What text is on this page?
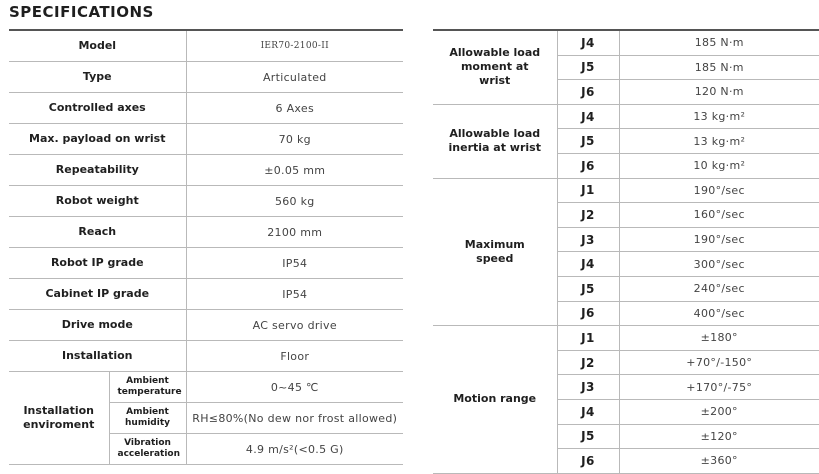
SPECIFICATIONS
Model		IER70-2100-II
Type		Articulated
Controlled axes		6 Axes
Max. payload on wrist		70 kg
Repeatability		±0.05 mm
Robot weight		560 kg
Reach		2100 mm
Robot IP grade		IP54
Cabinet IP grade		IP54
Drive mode		AC servo drive
Installation		Floor
Installation enviroment	Ambient temperature	0~45 ℃
	Ambient humidity	RH≤80%(No dew nor frost allowed)
	Vibration acceleration	4.9 m/s²(<0.5 G)
Allowable load moment at wrist	J4	185 N·m
	J5	185 N·m
	J6	120 N·m
Allowable load inertia at wrist	J4	13 kg·m²
	J5	13 kg·m²
	J6	10 kg·m²
Maximum speed	J1	190°/sec
	J2	160°/sec
	J3	190°/sec
	J4	300°/sec
	J5	240°/sec
	J6	400°/sec
Motion range	J1	±180°
	J2	+70°/-150°
	J3	+170°/-75°
	J4	±200°
	J5	±120°
	J6	±360°
